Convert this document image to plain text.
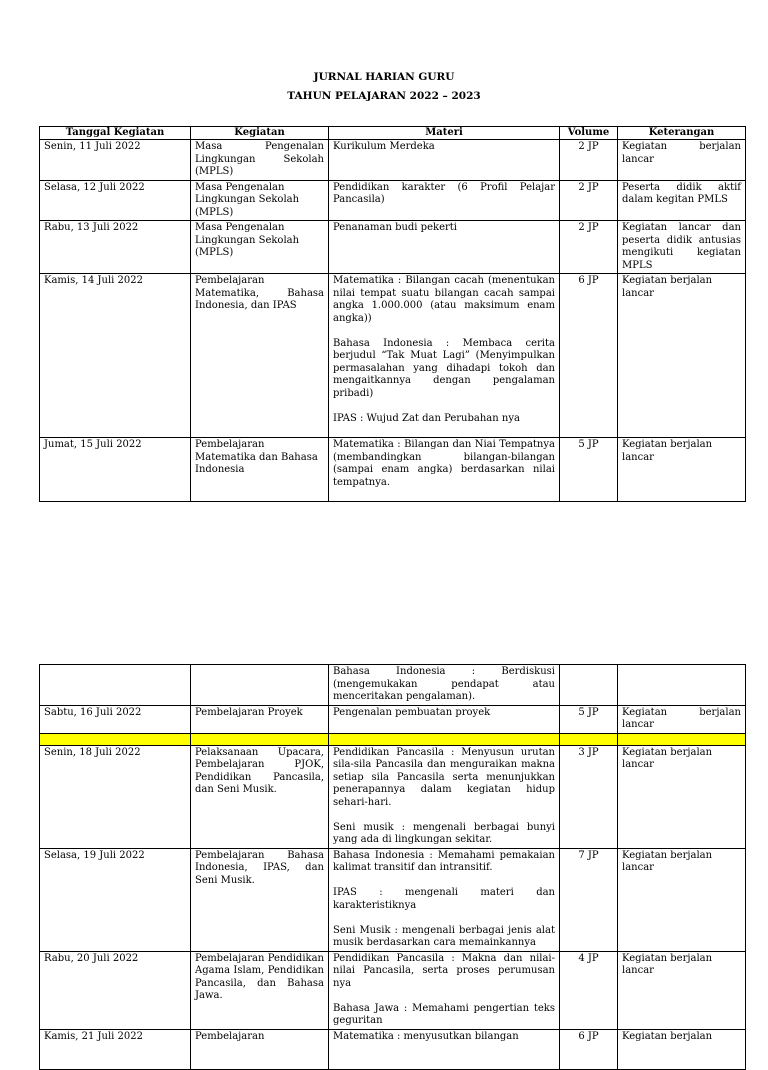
JURNAL HARIAN GURU
TAHUN PELAJARAN 2022 – 2023
Tanggal Kegiatan	Kegiatan	Materi	Volume	Keterangan
Senin, 11 Juli 2022	Masa Pengenalan Lingkungan Sekolah (MPLS)	Kurikulum Merdeka	2 JP	Kegiatan berjalan lancar
Selasa, 12 Juli 2022	Masa Pengenalan Lingkungan Sekolah (MPLS)	Pendidikan karakter (6 Profil Pelajar Pancasila)	2 JP	Peserta didik aktif dalam kegitan PMLS
Rabu, 13 Juli 2022	Masa Pengenalan Lingkungan Sekolah (MPLS)	Penanaman budi pekerti	2 JP	Kegiatan lancar dan peserta didik antusias mengikuti kegiatan MPLS
Kamis, 14 Juli 2022	Pembelajaran Matematika, Bahasa Indonesia, dan IPAS	Matematika : Bilangan cacah (menentukan nilai tempat suatu bilangan cacah sampai angka 1.000.000 (atau maksimum enam angka))

Bahasa Indonesia : Membaca cerita berjudul “Tak Muat Lagi” (Menyimpulkan permasalahan yang dihadapi tokoh dan mengaitkannya dengan pengalaman pribadi)

IPAS : Wujud Zat dan Perubahan nya	6 JP	Kegiatan berjalan lancar
Jumat, 15 Juli 2022	Pembelajaran Matematika dan Bahasa Indonesia	Matematika : Bilangan dan Niai Tempatnya (membandingkan bilangan-bilangan (sampai enam angka) berdasarkan nilai tempatnya.	5 JP	Kegiatan berjalan lancar
		Bahasa Indonesia : Berdiskusi (mengemukakan pendapat atau menceritakan pengalaman).		
Sabtu, 16 Juli 2022	Pembelajaran Proyek	Pengenalan pembuatan proyek	5 JP	Kegiatan berjalan lancar

Senin, 18 Juli 2022	Pelaksanaan Upacara, Pembelajaran PJOK, Pendidikan Pancasila, dan Seni Musik.	Pendidikan Pancasila : Menyusun urutan sila-sila Pancasila dan menguraikan makna setiap sila Pancasila serta menunjukkan penerapannya dalam kegiatan hidup sehari-hari.

Seni musik : mengenali berbagai bunyi yang ada di lingkungan sekitar.	3 JP	Kegiatan berjalan lancar
Selasa, 19 Juli 2022	Pembelajaran Bahasa Indonesia, IPAS, dan Seni Musik.	Bahasa Indonesia : Memahami pemakaian kalimat transitif dan intransitif.

IPAS : mengenali materi dan karakteristiknya

Seni Musik : mengenali berbagai jenis alat musik berdasarkan cara memainkannya	7 JP	Kegiatan berjalan lancar
Rabu, 20 Juli 2022	Pembelajaran Pendidikan Agama Islam, Pendidikan Pancasila, dan Bahasa Jawa.	Pendidikan Pancasila : Makna dan nilai-nilai Pancasila, serta proses perumusan nya

Bahasa Jawa : Memahami pengertian teks geguritan	4 JP	Kegiatan berjalan lancar
Kamis, 21 Juli 2022	Pembelajaran	Matematika : menyusutkan bilangan	6 JP	Kegiatan berjalan
